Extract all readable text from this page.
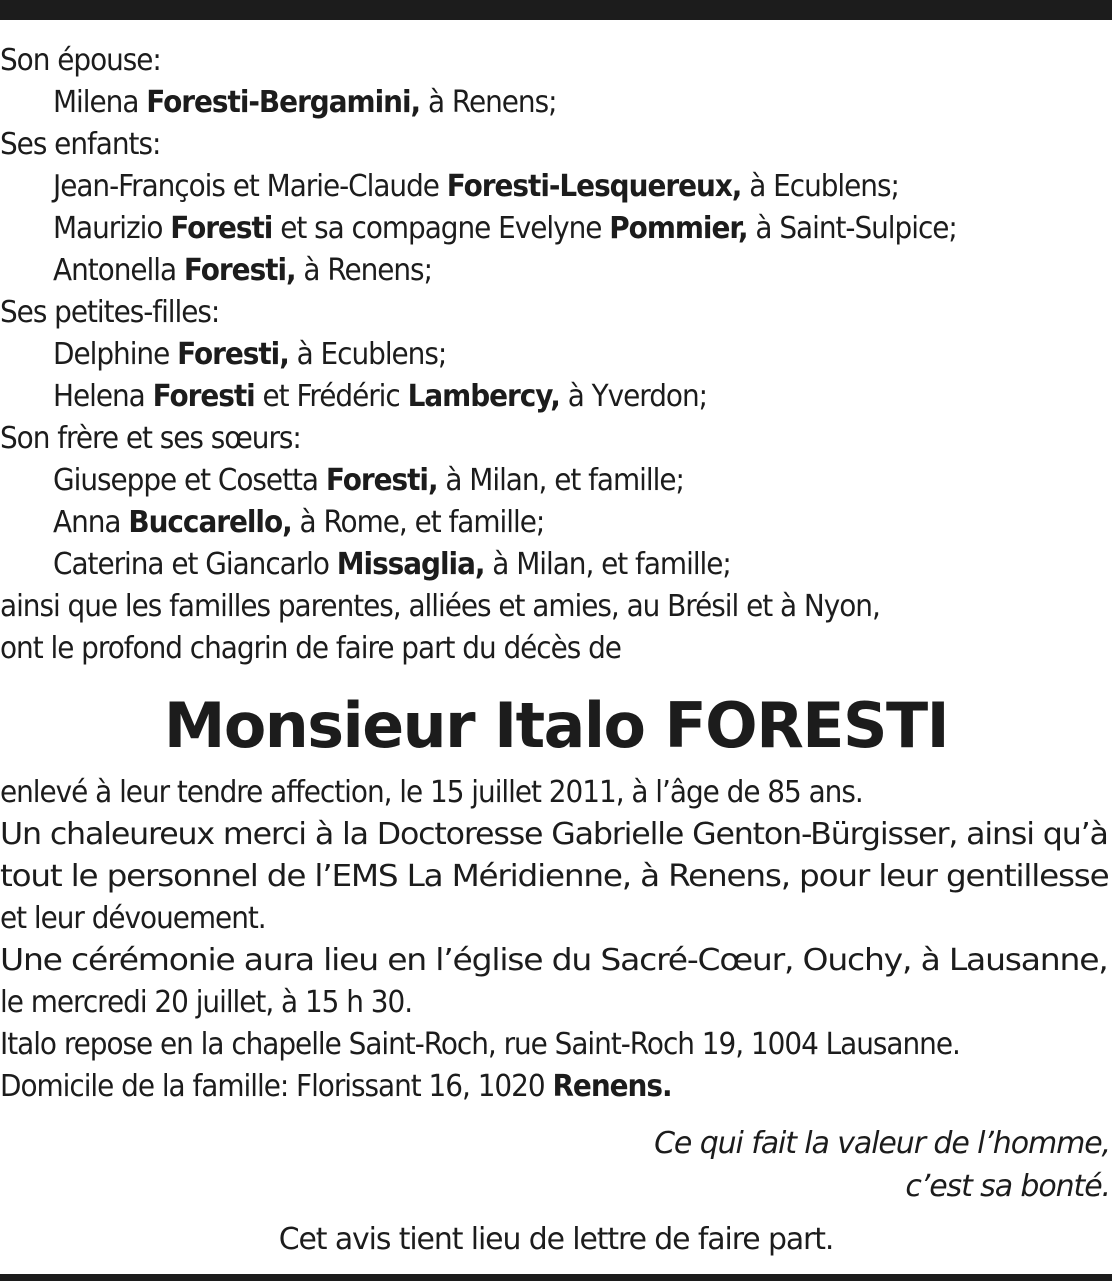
Son épouse:
Milena Foresti-Bergamini, à Renens;
Ses enfants:
Jean-François et Marie-Claude Foresti-Lesquereux, à Ecublens;
Maurizio Foresti et sa compagne Evelyne Pommier, à Saint-Sulpice;
Antonella Foresti, à Renens;
Ses petites-filles:
Delphine Foresti, à Ecublens;
Helena Foresti et Frédéric Lambercy, à Yverdon;
Son frère et ses sœurs:
Giuseppe et Cosetta Foresti, à Milan, et famille;
Anna Buccarello, à Rome, et famille;
Caterina et Giancarlo Missaglia, à Milan, et famille;
ainsi que les familles parentes, alliées et amies, au Brésil et à Nyon,
ont le profond chagrin de faire part du décès de
Monsieur Italo FORESTI
enlevé à leur tendre affection, le 15 juillet 2011, à l’âge de 85 ans.
Un chaleureux merci à la Doctoresse Gabrielle Genton-Bürgisser, ainsi qu’à
tout le personnel de l’EMS La Méridienne, à Renens, pour leur gentillesse
et leur dévouement.
Une cérémonie aura lieu en l’église du Sacré-Cœur, Ouchy, à Lausanne,
le mercredi 20 juillet, à 15 h 30.
Italo repose en la chapelle Saint-Roch, rue Saint-Roch 19, 1004 Lausanne.
Domicile de la famille: Florissant 16, 1020 Renens.
Ce qui fait la valeur de l’homme,
c’est sa bonté.
Cet avis tient lieu de lettre de faire part.
